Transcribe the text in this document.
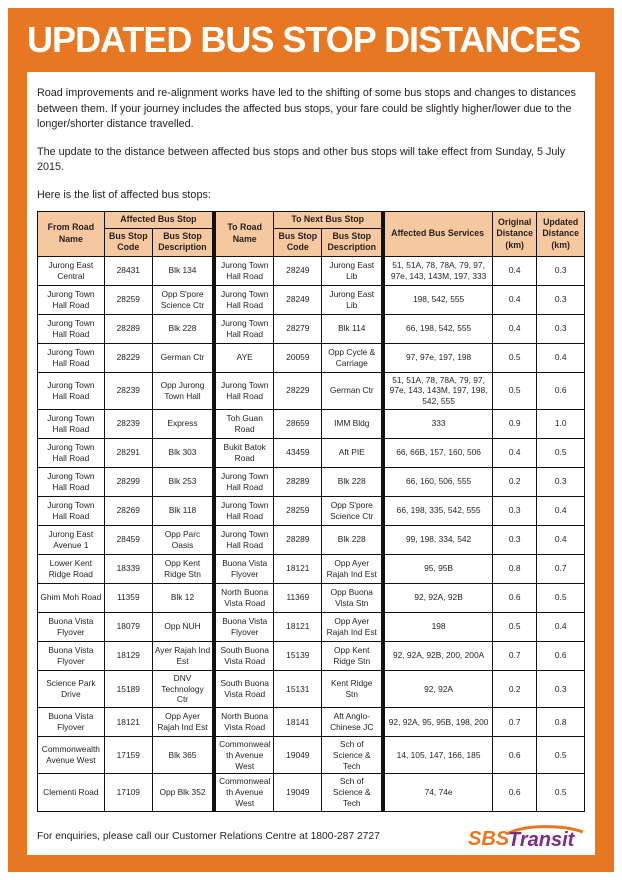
UPDATED BUS STOP DISTANCES

Road improvements and re-alignment works have led to the shifting of some bus stops and changes to distances between them. If your journey includes the affected bus stops, your fare could be slightly higher/lower due to the longer/shorter distance travelled.

The update to the distance between affected bus stops and other bus stops will take effect from Sunday, 5 July 2015.

Here is the list of affected bus stops:

From Road Name	Affected Bus Stop		To Road Name	To Next Bus Stop		Affected Bus Services	Original Distance (km)	Updated Distance (km)
	Bus Stop Code	Bus Stop Description		Bus Stop Code	Bus Stop Description			
Jurong East Central	28431	Blk 134	Jurong Town Hall Road	28249	Jurong East Lib	51, 51A, 78, 78A, 79, 97, 97e, 143, 143M, 197, 333	0.4	0.3
Jurong Town Hall Road	28259	Opp S'pore Science Ctr	Jurong Town Hall Road	28249	Jurong East Lib	198, 542, 555	0.4	0.3
Jurong Town Hall Road	28289	Blk 228	Jurong Town Hall Road	28279	Blk 114	66, 198, 542, 555	0.4	0.3
Jurong Town Hall Road	28229	German Ctr	AYE	20059	Opp Cycle & Carriage	97, 97e, 197, 198	0.5	0.4
Jurong Town Hall Road	28239	Opp Jurong Town Hall	Jurong Town Hall Road	28229	German Ctr	51, 51A, 78, 78A, 79, 97, 97e, 143, 143M, 197, 198, 542, 555	0.5	0.6
Jurong Town Hall Road	28239	Express	Toh Guan Road	28659	IMM Bldg	333	0.9	1.0
Jurong Town Hall Road	28291	Blk 303	Bukit Batok Road	43459	Aft PIE	66, 66B, 157, 160, 506	0.4	0.5
Jurong Town Hall Road	28299	Blk 253	Jurong Town Hall Road	28289	Blk 228	66, 160, 506, 555	0.2	0.3
Jurong Town Hall Road	28269	Blk 118	Jurong Town Hall Road	28259	Opp S'pore Science Ctr	66, 198, 335, 542, 555	0.3	0.4
Jurong East Avenue 1	28459	Opp Parc Oasis	Jurong Town Hall Road	28289	Blk 228	99, 198, 334, 542	0.3	0.4
Lower Kent Ridge Road	18339	Opp Kent Ridge Stn	Buona Vista Flyover	18121	Opp Ayer Rajah Ind Est	95, 95B	0.8	0.7
Ghim Moh Road	11359	Blk 12	North Buona Vista Road	11369	Opp Buona Vista Stn	92, 92A, 92B	0.6	0.5
Buona Vista Flyover	18079	Opp NUH	Buona Vista Flyover	18121	Opp Ayer Rajah Ind Est	198	0.5	0.4
Buona Vista Flyover	18129	Ayer Rajah Ind Est	South Buona Vista Road	15139	Opp Kent Ridge Stn	92, 92A, 92B, 200, 200A	0.7	0.6
Science Park Drive	15189	DNV Technology Ctr	South Buona Vista Road	15131	Kent Ridge Stn	92, 92A	0.2	0.3
Buona Vista Flyover	18121	Opp Ayer Rajah Ind Est	North Buona Vista Road	18141	Aft Anglo-Chinese JC	92, 92A, 95, 95B, 198, 200	0.7	0.8
Commonwealth Avenue West	17159	Blk 365	Commonwealth Avenue West	19049	Sch of Science & Tech	14, 105, 147, 166, 185	0.6	0.5
Clementi Road	17109	Opp Blk 352	Commonwealth Avenue West	19049	Sch of Science & Tech	74, 74e	0.6	0.5
For enquiries, please call our Customer Relations Centre at 1800-287 2727	SBS
Transit
